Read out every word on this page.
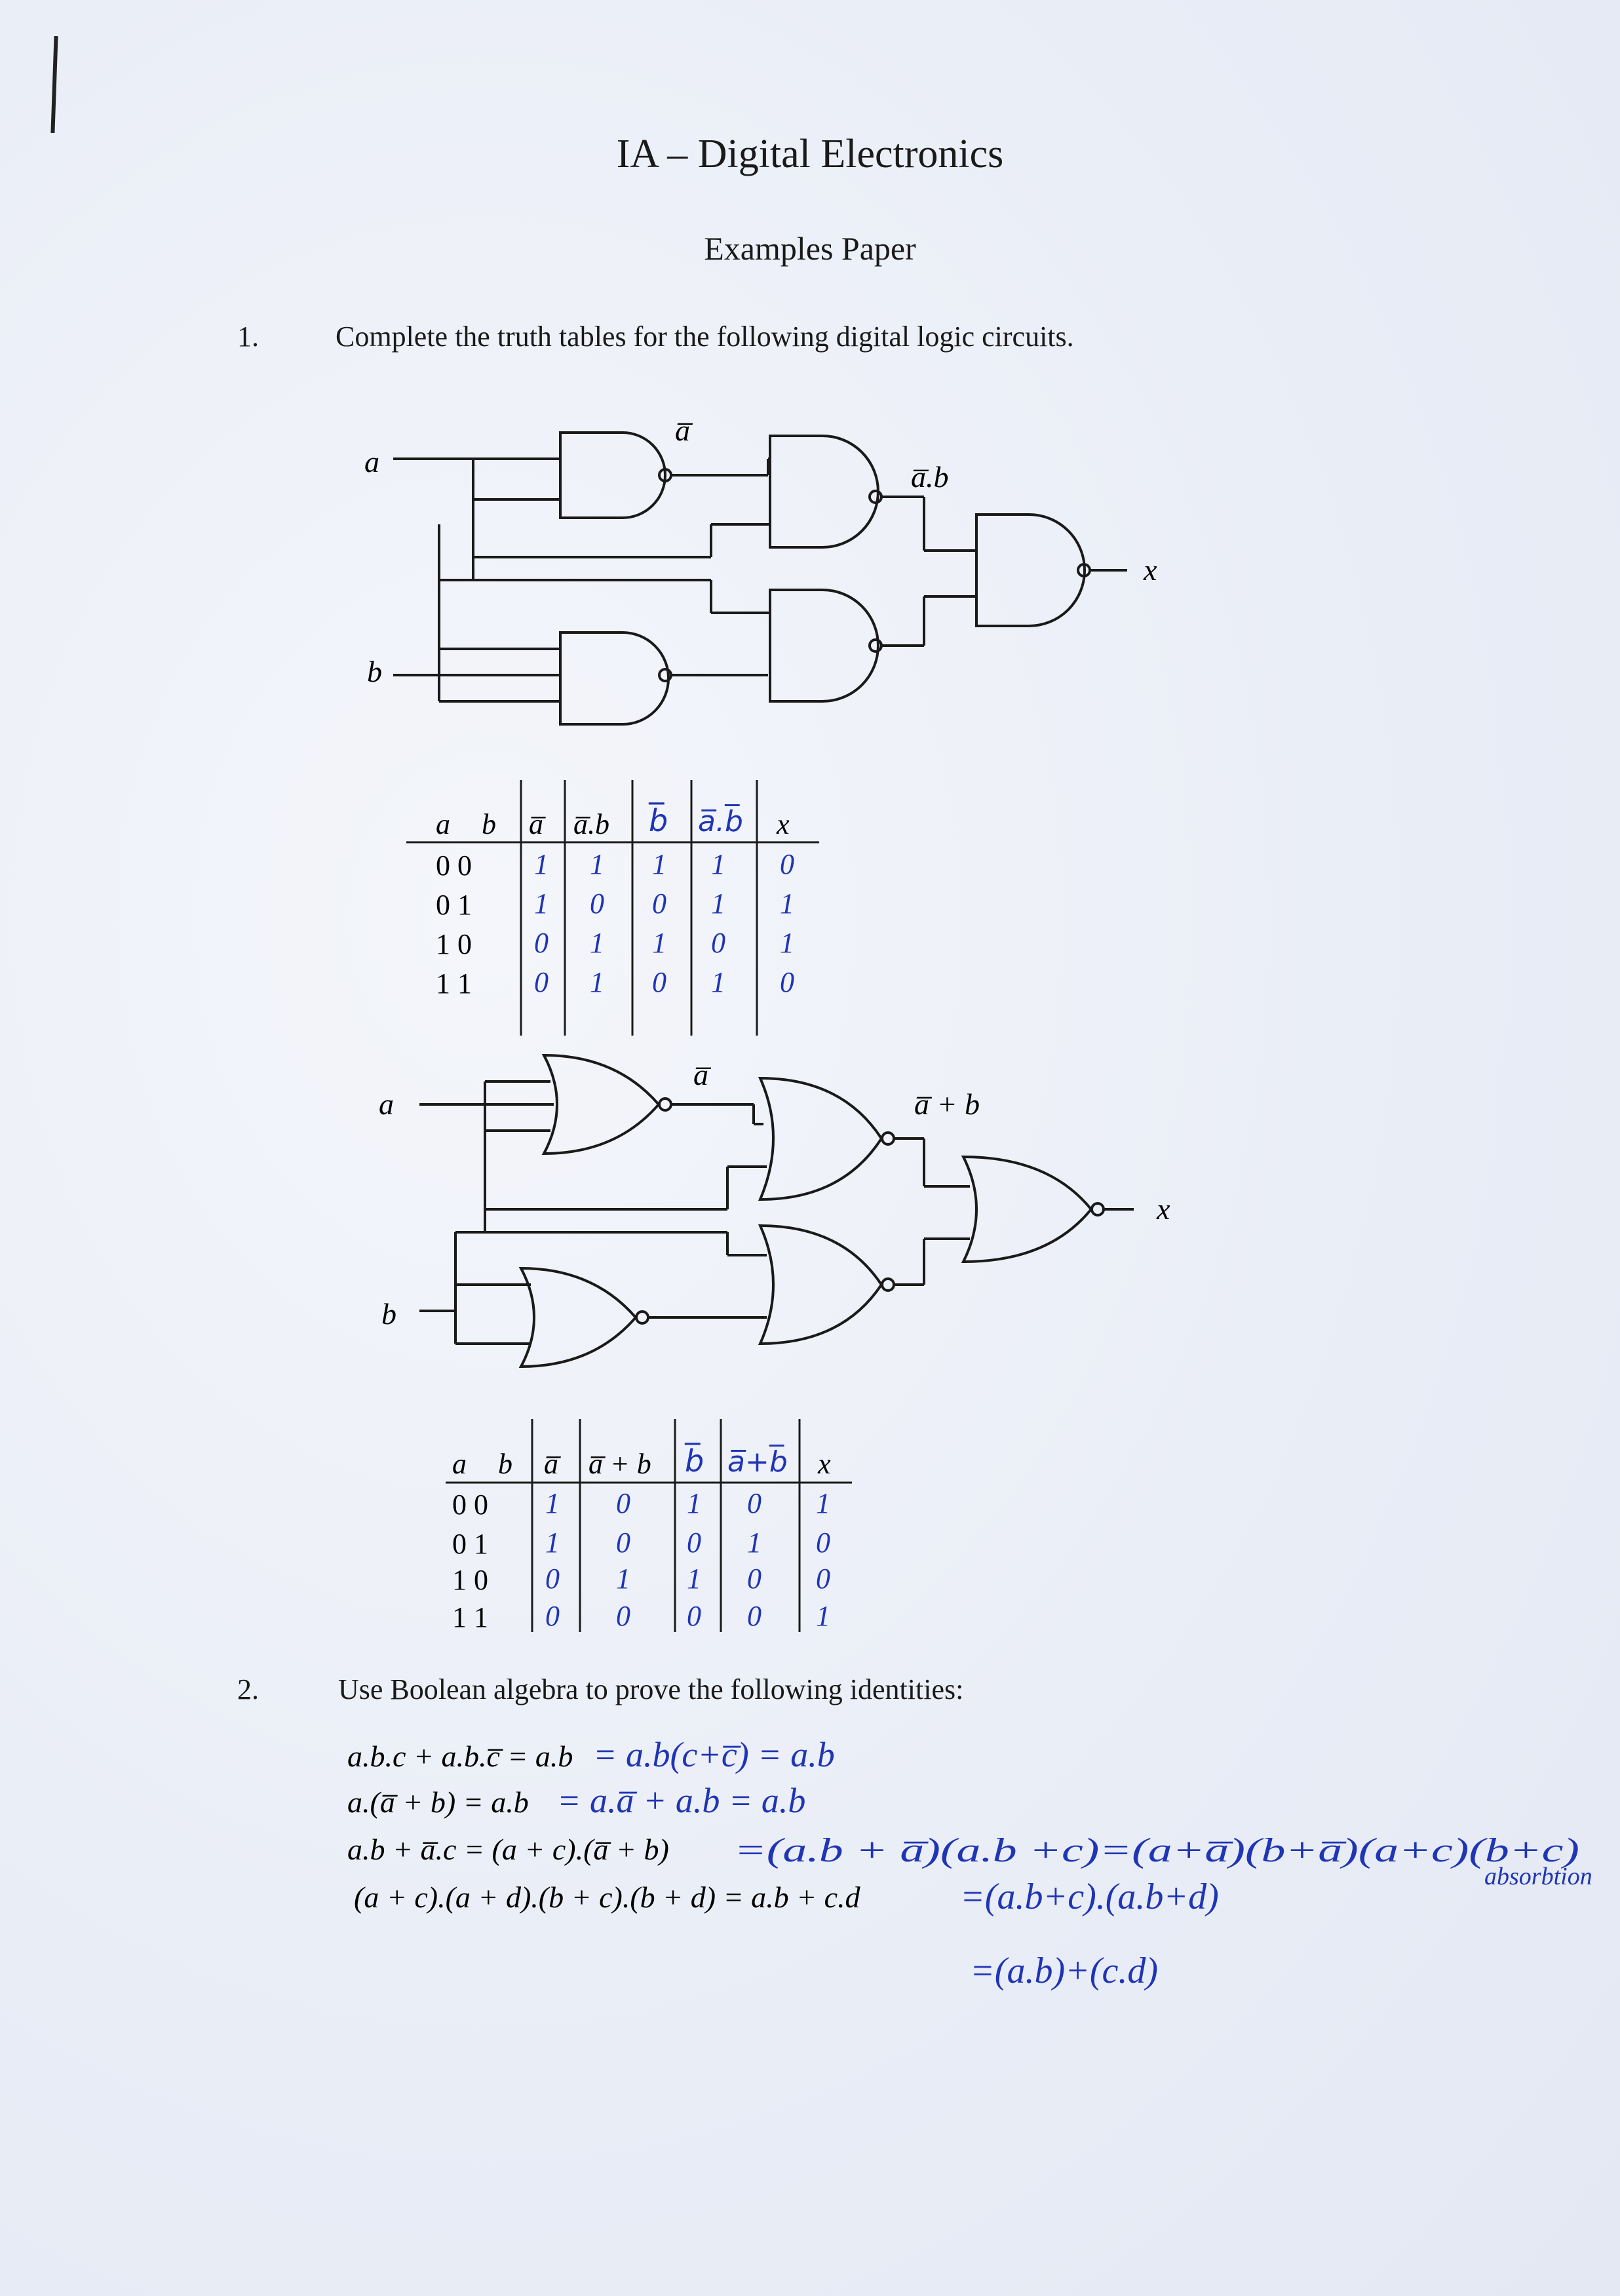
IA – Digital Electronics
Examples Paper
1.	Complete the truth tables for the following digital logic circuits.
a
b
x
a̅
a̅.b
a b a̅ a̅.b b̅ a̅.b̅ x
0 0
0 1
1 0
1 1
1 1 1 1 0
1 0 0 1 1
0 1 1 0 1
0 1 0 1 0
a
b
x
a̅
a̅ + b
a b a̅ a̅ + b b̅ a̅+b̅ x
0 0
0 1
1 0
1 1
1 0 1 0 1
1 0 0 1 0
0 1 1 0 0
0 0 0 0 1
2.	Use Boolean algebra to prove the following identities:
a.b.c + a.b.c̅ = a.b
a.(a̅ + b) = a.b
a.b + a̅.c = (a + c).(a̅ + b)
(a + c).(a + d).(b + c).(b + d) = a.b + c.d
= a.b(c+c̅) = a.b
= a.a̅ + a.b = a.b
=(a.b + a̅)(a.b +c)=(a+a̅)(b+a̅)(a+c)(b+c)
=(a.b+c).(a.b+d)
=(a.b)+(c.d)
absorbtion
